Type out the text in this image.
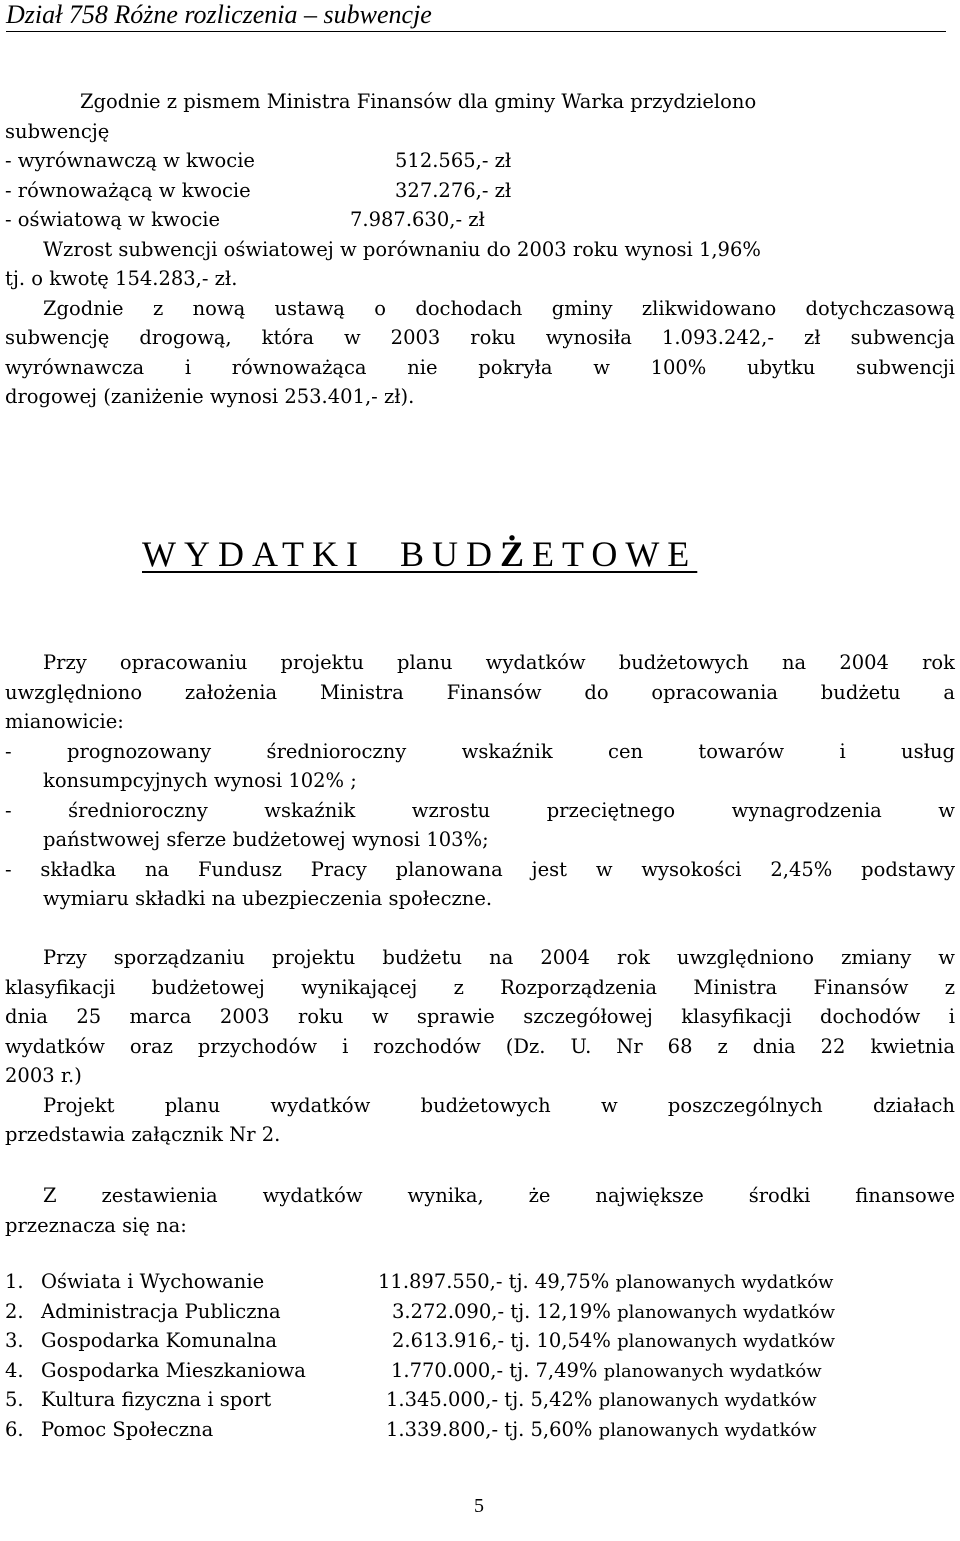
Dział 758 Różne rozliczenia – subwencje
Zgodnie z pismem Ministra Finansów dla gminy Warka przydzielono
subwencję
- wyrównawczą w kwocie	512.565,- zł
- równoważącą w kwocie	327.276,- zł
- oświatową w kwocie	7.987.630,- zł
Wzrost subwencji oświatowej w porównaniu do 2003 roku wynosi 1,96%
tj. o kwotę 154.283,- zł.
Zgodnie z nową ustawą o dochodach gminy zlikwidowano dotychczasową
subwencję drogową, która w 2003 roku wynosiła 1.093.242,- zł subwencja
wyrównawcza i równoważąca nie pokryła w 100% ubytku subwencji
drogowej (zaniżenie wynosi 253.401,- zł).
WYDATKI  BUDŻETOWE
Przy opracowaniu projektu planu wydatków budżetowych na 2004 rok
uwzględniono założenia Ministra Finansów do opracowania budżetu a
mianowicie:
- prognozowany średnioroczny wskaźnik cen towarów i usług
konsumpcyjnych wynosi 102% ;
- średnioroczny wskaźnik wzrostu przeciętnego wynagrodzenia w
państwowej sferze budżetowej wynosi 103%;
- składka na Fundusz Pracy planowana jest w wysokości 2,45% podstawy
wymiaru składki na ubezpieczenia społeczne.
Przy sporządzaniu projektu budżetu na 2004 rok uwzględniono zmiany w
klasyfikacji budżetowej wynikającej z Rozporządzenia Ministra Finansów z
dnia 25 marca 2003 roku w sprawie szczegółowej klasyfikacji dochodów i
wydatków oraz przychodów i rozchodów (Dz. U. Nr 68 z dnia 22 kwietnia
2003 r.)
Projekt planu wydatków budżetowych w poszczególnych działach
przedstawia załącznik Nr 2.
Z zestawienia wydatków wynika, że największe środki finansowe
przeznacza się na:
1. Oświata i Wychowanie	11.897.550,- tj. 49,75% planowanych wydatków
2. Administracja Publiczna	3.272.090,- tj. 12,19% planowanych wydatków
3. Gospodarka Komunalna	2.613.916,- tj. 10,54% planowanych wydatków
4. Gospodarka Mieszkaniowa	1.770.000,- tj. 7,49% planowanych wydatków
5. Kultura fizyczna i sport	1.345.000,- tj. 5,42% planowanych wydatków
6. Pomoc Społeczna	1.339.800,- tj. 5,60% planowanych wydatków
5
